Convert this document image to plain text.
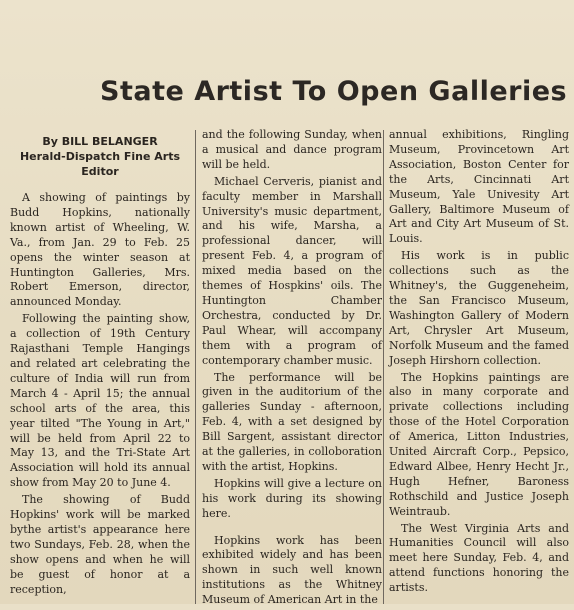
State Artist To Open Galleries
By BILL BELANGER
Herald-Dispatch Fine Arts
Editor

A showing of paintings by Budd Hopkins, nationally known artist of Wheeling, W. Va., from Jan. 29 to Feb. 25 opens the winter season at Huntington Galleries, Mrs. Robert Emerson, director, announced Monday.

Following the painting show, a collection of 19th Century Rajasthani Temple Hangings and related art celebrating the culture of India will run from March 4 - April 15; the annual school arts of the area, this year tilted "The Young in Art," will be held from April 22 to May 13, and the Tri-State Art Association will hold its annual show from May 20 to June 4.

The showing of Budd Hopkins' work will be marked bythe artist's appearance here two Sundays, Feb. 28, when the show opens and when he will be guest of honor at a reception,

and the following Sunday, when a musical and dance program will be held.

Michael Cerveris, pianist and faculty member in Marshall University's music department, and his wife, Marsha, a professional dancer, will present Feb. 4, a program of mixed media based on the themes of Hospkins' oils. The Huntington Chamber Orchestra, conducted by Dr. Paul Whear, will accompany them with a program of contemporary chamber music.

The performance will be given in the auditorium of the galleries Sunday - afternoon, Feb. 4, with a set designed by Bill Sargent, assistant director at the galleries, in colloboration with the artist, Hopkins.

Hopkins will give a lecture on his work during its showing here.

Hopkins work has been exhibited widely and has been shown in such well known institutions as the Whitney Museum of American Art in the

annual exhibitions, Ringling Museum, Provincetown Art Association, Boston Center for the Arts, Cincinnati Art Museum, Yale Univesity Art Gallery, Baltimore Museum of Art and City Art Museum of St. Louis.

His work is in public collections such as the Whitney's, the Guggeneheim, the San Francisco Museum, Washington Gallery of Modern Art, Chrysler Art Museum, Norfolk Museum and the famed Joseph Hirshorn collection.

The Hopkins paintings are also in many corporate and private collections including those of the Hotel Corporation of America, Litton Industries, United Aircraft Corp., Pepsico, Edward Albee, Henry Hecht Jr., Hugh Hefner, Baroness Rothschild and Justice Joseph Weintraub.

The West Virginia Arts and Humanities Council will also meet here Sunday, Feb. 4, and attend functions honoring the artists.
